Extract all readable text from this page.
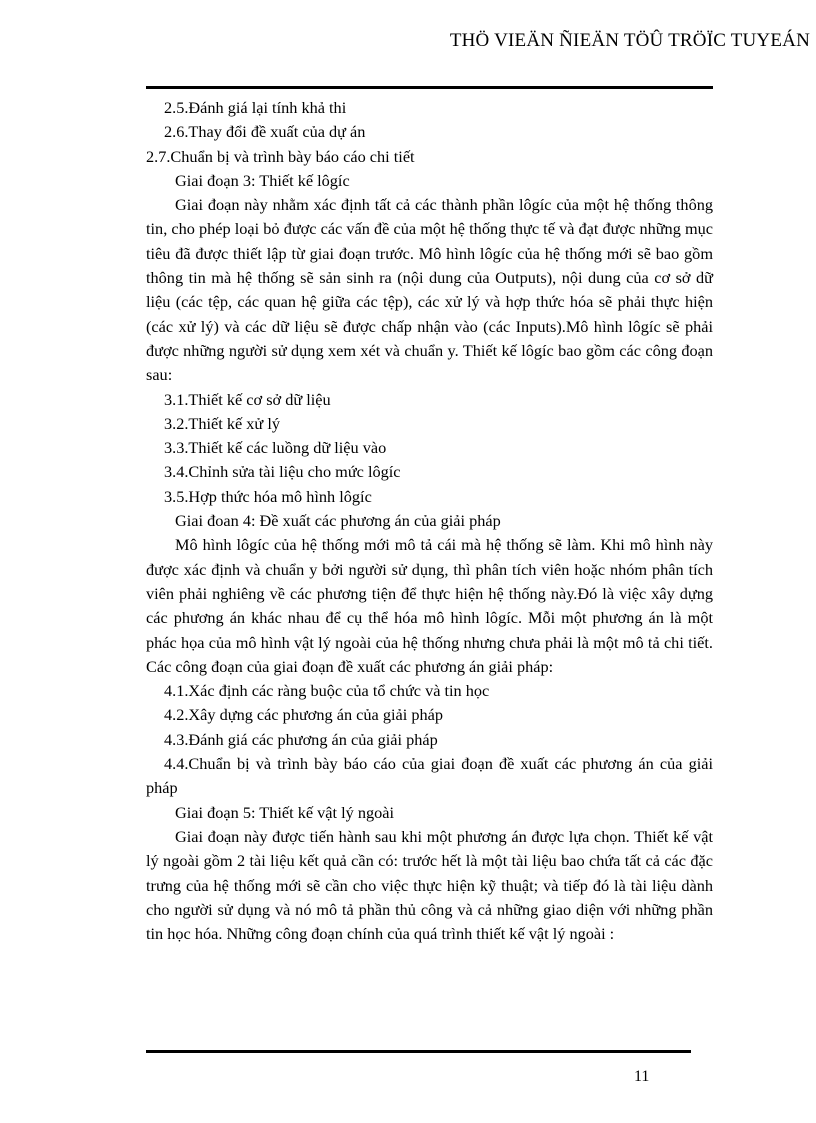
THÖ VIEÄN ÑIEÄN TÖÛ TRÖÏC TUYEÁN

2.5.Đánh giá lại tính khả thi

2.6.Thay đổi đề xuất của dự án

2.7.Chuẩn bị và trình bày báo cáo chi tiết

Giai đoạn 3: Thiết kế lôgíc

Giai đoạn này nhằm xác định tất cả các thành phần lôgíc của một hệ thống thông tin, cho phép loại bỏ được các vấn đề của một hệ thống thực tế và đạt được những mục tiêu đã được thiết lập từ giai đoạn trước. Mô hình lôgíc của hệ thống mới sẽ bao gồm thông tin mà hệ thống sẽ sản sinh ra (nội dung của Outputs), nội dung của cơ sở dữ liệu (các tệp, các quan hệ giữa các tệp), các xử lý và hợp thức hóa sẽ phải thực hiện (các xử lý) và các dữ liệu sẽ được chấp nhận vào (các Inputs).Mô hình lôgíc sẽ phải được những người sử dụng xem xét và chuẩn y. Thiết kế lôgíc bao gồm các công đoạn sau:

3.1.Thiết kế cơ sở dữ liệu

3.2.Thiết kế xử lý

3.3.Thiết kế các luồng dữ liệu vào

3.4.Chỉnh sửa tài liệu cho mức lôgíc

3.5.Hợp thức hóa mô hình lôgíc

Giai đoan 4: Đề xuất các phương án của giải pháp

Mô hình lôgíc của hệ thống mới mô tả cái mà hệ thống sẽ làm. Khi mô hình này được xác định và chuẩn y bởi người sử dụng, thì phân tích viên hoặc nhóm phân tích viên phải nghiêng về các phương tiện để thực hiện hệ thống này.Đó là việc xây dựng các phương án khác nhau để cụ thể hóa mô hình lôgíc. Mỗi một phương án là một phác họa của mô hình vật lý ngoài của hệ thống nhưng chưa phải là một mô tả chi tiết. Các công đoạn của giai đoạn đề xuất các phương án giải pháp:

4.1.Xác định các ràng buộc của tổ chức và tin học

4.2.Xây dựng các phương án của giải pháp

4.3.Đánh giá các phương án của giải pháp

4.4.Chuẩn bị và trình bày báo cáo của giai đoạn đề xuất các phương án của giải pháp

Giai đoạn 5: Thiết kế vật lý ngoài

Giai đoạn này được tiến hành sau khi một phương án được lựa chọn. Thiết kế vật lý ngoài gồm 2 tài liệu kết quả cần có: trước hết là một tài liệu bao chứa tất cả các đặc trưng của hệ thống mới sẽ cần cho việc thực hiện kỹ thuật; và tiếp đó là tài liệu dành cho người sử dụng và nó mô tả phần thủ công và cả những giao diện với những phần tin học hóa. Những công đoạn chính của quá trình thiết kế vật lý ngoài :

11
